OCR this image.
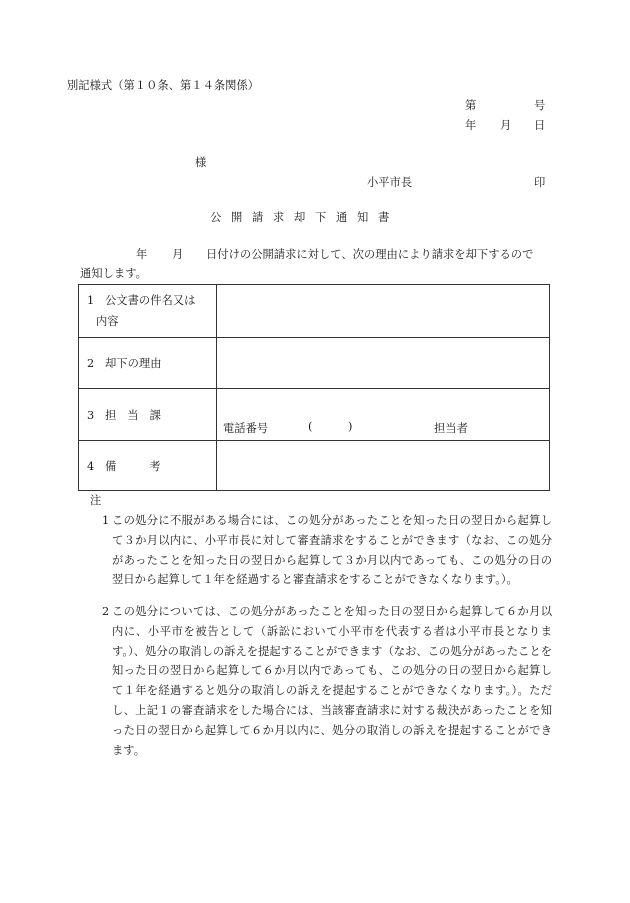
別記様式（第１０条、第１４条関係）
第	号
年 月 日
様
小平市長	印
公開請求却下通知書
年 月 日付けの公開請求に対して、次の理由により請求を却下するので
通知します。
1 公文書の件名又は
内容	

2 却下の理由	
3 担当課	電話番号 ( ) 担当者

4 備考	
注
1 この処分に不服がある場合には、この処分があったことを知った日の翌日から起算して３か月以内に、小平市長に対して審査請求をすることができます（なお、この処分があったことを知った日の翌日から起算して３か月以内であっても、この処分の日の翌日から起算して１年を経過すると審査請求をすることができなくなります。）。
2 この処分については、この処分があったことを知った日の翌日から起算して６か月以内に、小平市を被告として（訴訟において小平市を代表する者は小平市長となります。）、処分の取消しの訴えを提起することができます（なお、この処分があったことを知った日の翌日から起算して６か月以内であっても、この処分の日の翌日から起算して１年を経過すると処分の取消しの訴えを提起することができなくなります。）。ただし、上記１の審査請求をした場合には、当該審査請求に対する裁決があったことを知った日の翌日から起算して６か月以内に、処分の取消しの訴えを提起することができます。
